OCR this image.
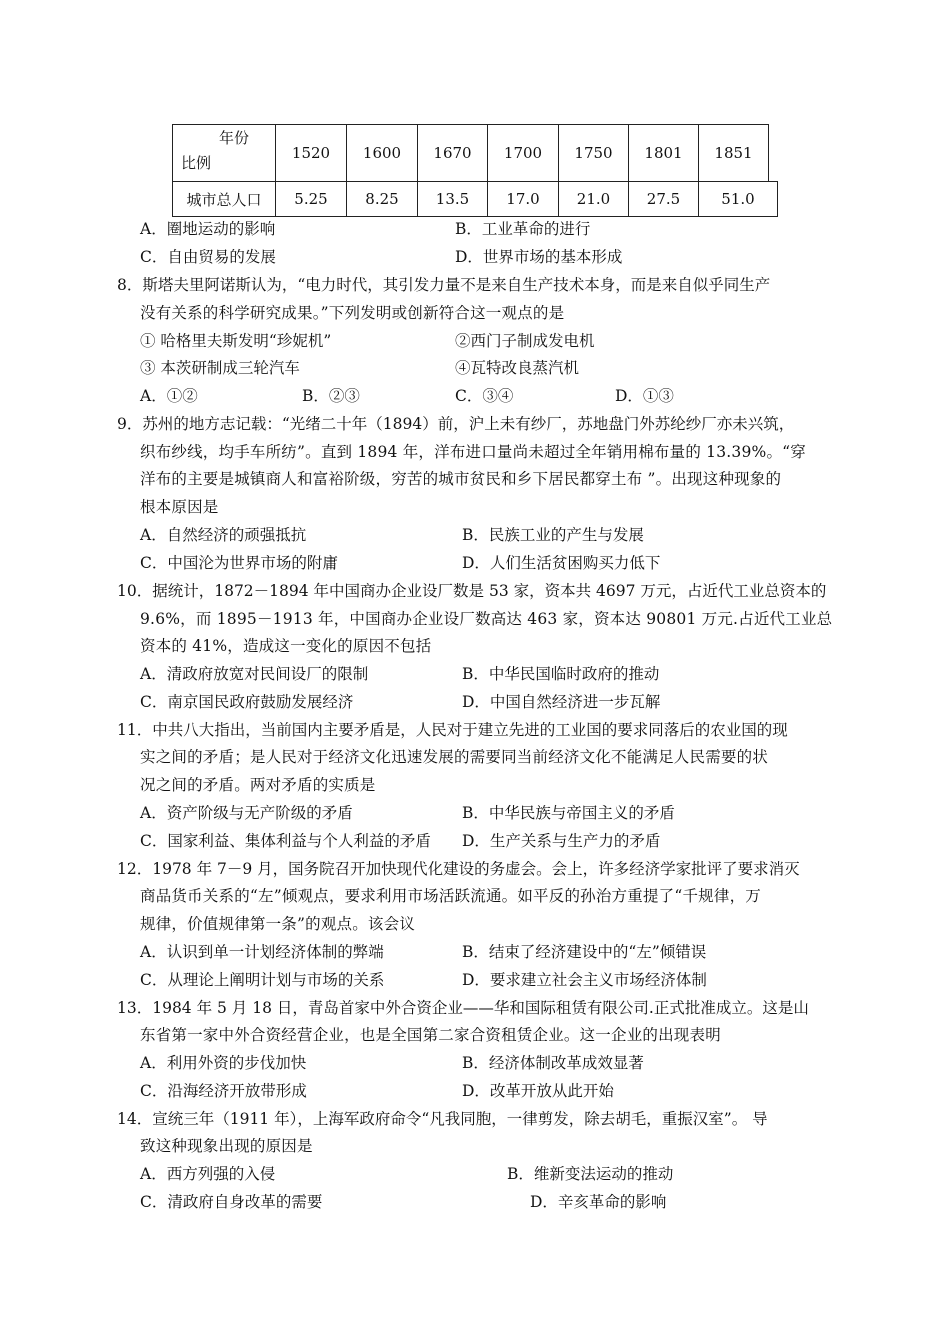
年份
比例
1520 1600 1670 1700 1750 1801 1851
城市总人口 5.25	8.25 13.5 17.0 21.0 27.5	51.0
A．圈地运动的影响	B．工业革命的进行
C．自由贸易的发展	D．世界市场的基本形成
8．斯塔夫里阿诺斯认为，“电力时代，其引发力量不是来自生产技术本身，而是来自似乎同生产
没有关系的科学研究成果。”下列发明或创新符合这一观点的是
① 哈格里夫斯发明“珍妮机”	②西门子制成发电机
③ 本茨研制成三轮汽车	④瓦特改良蒸汽机
A．①②	B．②③	C．③④	D．①③
9．苏州的地方志记载：“光绪二十年（1894）前，沪上未有纱厂，苏地盘门外苏纶纱厂亦未兴筑，
织布纱线，均手车所纺”。直到 1894 年，洋布进口量尚未超过全年销用棉布量的 13.39%。“穿
洋布的主要是城镇商人和富裕阶级，穷苦的城市贫民和乡下居民都穿土布 ”。出现这种现象的
根本原因是
A．自然经济的顽强抵抗	B．民族工业的产生与发展
C．中国沦为世界市场的附庸	D．人们生活贫困购买力低下
10．据统计，1872－1894 年中国商办企业设厂数是 53 家，资本共 4697 万元，占近代工业总资本的
9.6%，而 1895－1913 年，中国商办企业设厂数高达 463 家，资本达 90801 万元.占近代工业总
资本的 41%，造成这一变化的原因不包括
A．清政府放宽对民间设厂的限制	B．中华民国临时政府的推动
C．南京国民政府鼓励发展经济	D．中国自然经济进一步瓦解
11．中共八大指出，当前国内主要矛盾是，人民对于建立先进的工业国的要求同落后的农业国的现
实之间的矛盾；是人民对于经济文化迅速发展的需要同当前经济文化不能满足人民需要的状
况之间的矛盾。两对矛盾的实质是
A．资产阶级与无产阶级的矛盾	B．中华民族与帝国主义的矛盾
C．国家利益、集体利益与个人利益的矛盾 D．生产关系与生产力的矛盾
12．1978 年 7－9 月，国务院召开加快现代化建设的务虚会。会上，许多经济学家批评了要求消灭
商品货币关系的“左”倾观点，要求利用市场活跃流通。如平反的孙治方重提了“千规律，万
规律，价值规律第一条”的观点。该会议
A．认识到单一计划经济体制的弊端	B．结束了经济建设中的“左”倾错误
C．从理论上阐明计划与市场的关系	D．要求建立社会主义市场经济体制
13．1984 年 5 月 18 日，青岛首家中外合资企业——华和国际租赁有限公司.正式批准成立。这是山
东省第一家中外合资经营企业，也是全国第二家合资租赁企业。这一企业的出现表明
A．利用外资的步伐加快	B．经济体制改革成效显著
C．沿海经济开放带形成	D．改革开放从此开始
14．宣统三年（1911 年），上海军政府命令“凡我同胞，一律剪发，除去胡毛，重振汉室”。 导
致这种现象出现的原因是
A．西方列强的入侵	B．维新变法运动的推动
C．清政府自身改革的需要	D．辛亥革命的影响
